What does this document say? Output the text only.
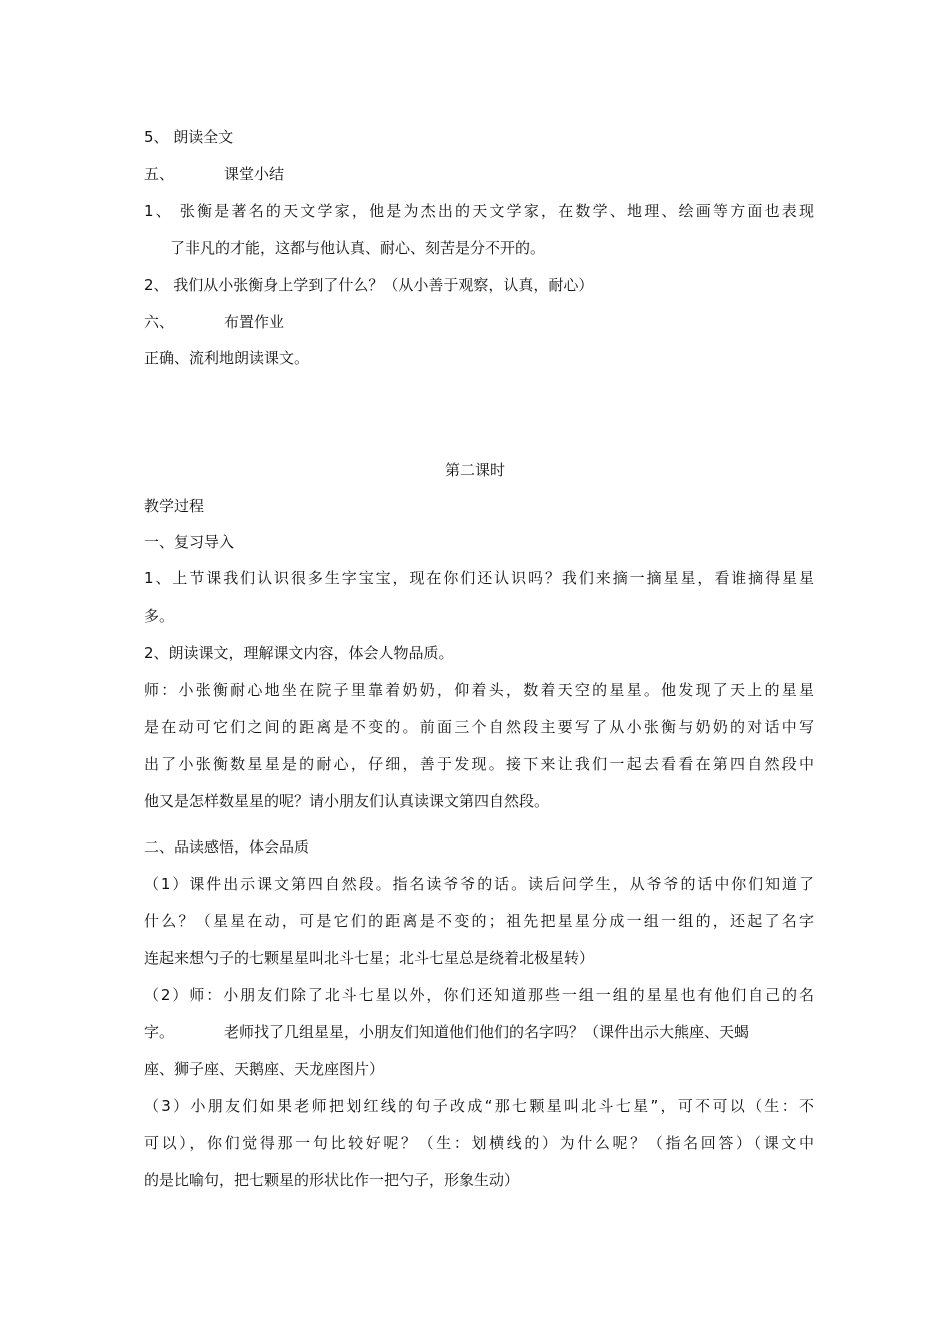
5、 朗读全文
五、	课堂小结
1、 张衡是著名的天文学家，他是为杰出的天文学家，在数学、地理、绘画等方面也表现
了非凡的才能，这都与他认真、耐心、刻苦是分不开的。
2、 我们从小张衡身上学到了什么？（从小善于观察，认真，耐心）
六、	布置作业
正确、流利地朗读课文。
第二课时
教学过程
一、复习导入
1、上节课我们认识很多生字宝宝，现在你们还认识吗？我们来摘一摘星星，看谁摘得星星
多。
2、朗读课文，理解课文内容，体会人物品质。
师：小张衡耐心地坐在院子里靠着奶奶，仰着头，数着天空的星星。他发现了天上的星星
是在动可它们之间的距离是不变的。前面三个自然段主要写了从小张衡与奶奶的对话中写
出了小张衡数星星是的耐心，仔细，善于发现。接下来让我们一起去看看在第四自然段中
他又是怎样数星星的呢？请小朋友们认真读课文第四自然段。
二、品读感悟，体会品质
（1）课件出示课文第四自然段。指名读爷爷的话。读后问学生，从爷爷的话中你们知道了
什么？（星星在动，可是它们的距离是不变的；祖先把星星分成一组一组的，还起了名字
连起来想勺子的七颗星星叫北斗七星；北斗七星总是绕着北极星转）
（2）师：小朋友们除了北斗七星以外，你们还知道那些一组一组的星星也有他们自己的名
字。	老师找了几组星星，小朋友们知道他们他们的名字吗？（课件出示大熊座、天蝎
座、狮子座、天鹅座、天龙座图片）
（3）小朋友们如果老师把划红线的句子改成“那七颗星叫北斗七星”，可不可以（生：不
可以），你们觉得那一句比较好呢？（生：划横线的）为什么呢？（指名回答）（课文中
的是比喻句，把七颗星的形状比作一把勺子，形象生动）
